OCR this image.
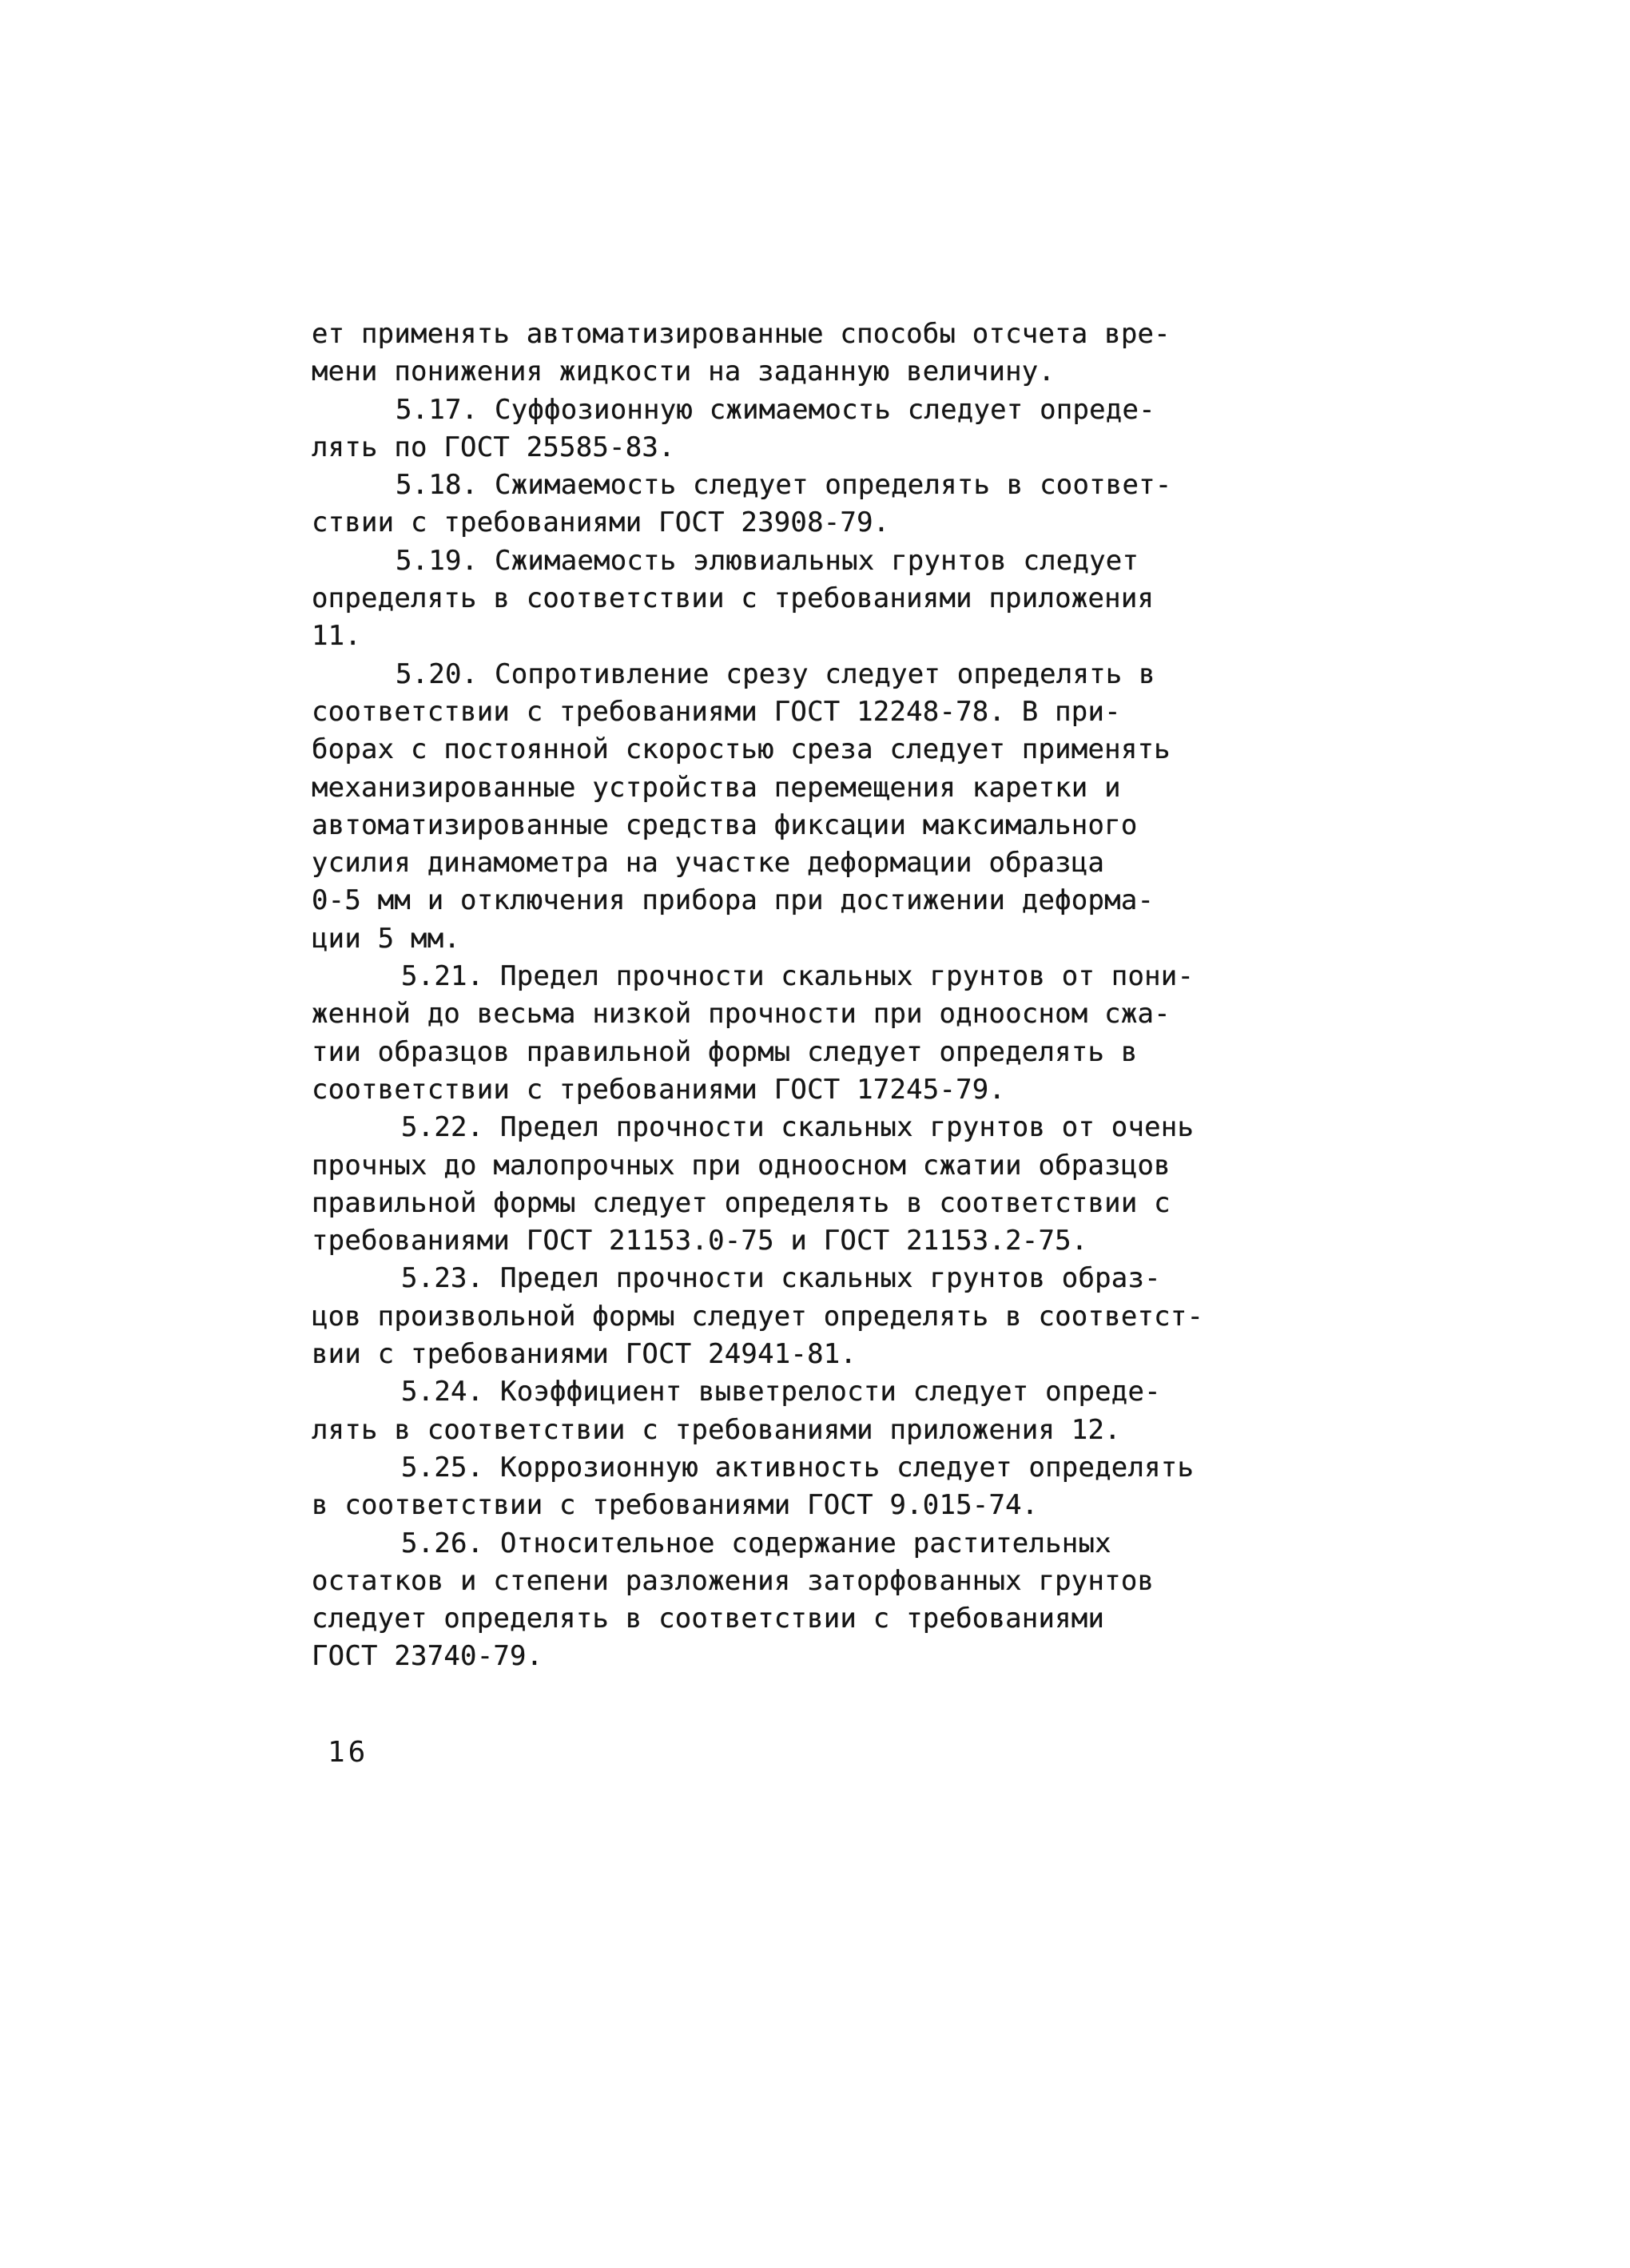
ет применять автоматизированные способы отсчета вре-
мени понижения жидкости на заданную величину.
5.17. Суффозионную сжимаемость следует опреде-
лять по ГОСТ 25585-83.
5.18. Сжимаемость следует определять в соответ-
ствии с требованиями ГОСТ 23908-79.
5.19. Сжимаемость элювиальных грунтов следует
определять в соответствии с требованиями приложения
11.
5.20. Сопротивление срезу следует определять в
соответствии с требованиями ГОСТ 12248-78. В при-
борах с постоянной скоростью среза следует применять
механизированные устройства перемещения каретки и
автоматизированные средства фиксации максимального
усилия динамометра на участке деформации образца
0-5 мм и отключения прибора при достижении деформа-
ции 5 мм.
5.21. Предел прочности скальных грунтов от пони-
женной до весьма низкой прочности при одноосном сжа-
тии образцов правильной формы следует определять в
соответствии с требованиями ГОСТ 17245-79.
5.22. Предел прочности скальных грунтов от очень
прочных до малопрочных при одноосном сжатии образцов
правильной формы следует определять в соответствии с
требованиями ГОСТ 21153.0-75 и ГОСТ 21153.2-75.
5.23. Предел прочности скальных грунтов образ-
цов произвольной формы следует определять в соответст-
вии с требованиями ГОСТ 24941-81.
5.24. Коэффициент выветрелости следует опреде-
лять в соответствии с требованиями приложения 12.
5.25. Коррозионную активность следует определять
в соответствии с требованиями ГОСТ 9.015-74.
5.26. Относительное содержание растительных
остатков и степени разложения заторфованных грунтов
следует определять в соответствии с требованиями
ГОСТ 23740-79.
16
